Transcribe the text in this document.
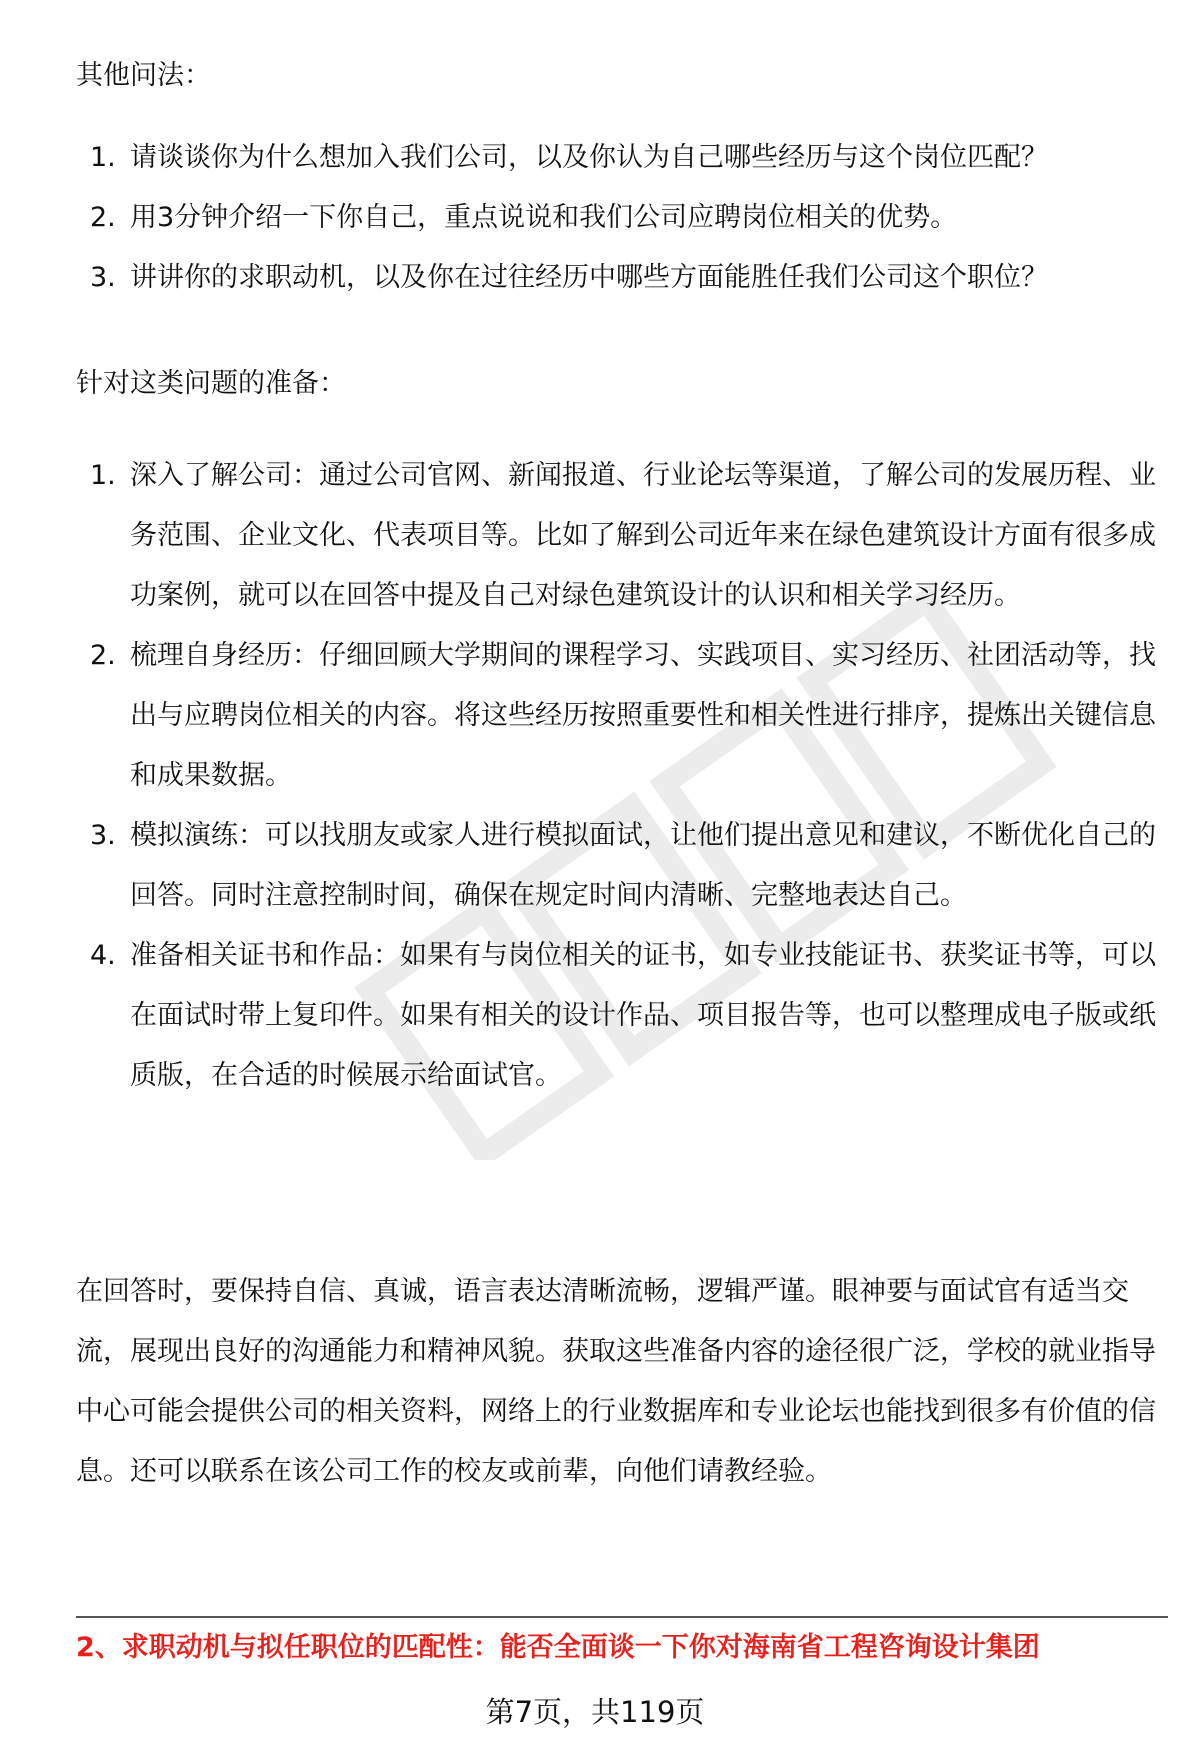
其他问法：

1. 请谈谈你为什么想加入我们公司，以及你认为自己哪些经历与这个岗位匹配？
2. 用3分钟介绍一下你自己，重点说说和我们公司应聘岗位相关的优势。
3. 讲讲你的求职动机，以及你在过往经历中哪些方面能胜任我们公司这个职位？

针对这类问题的准备：

1. 深入了解公司：通过公司官网、新闻报道、行业论坛等渠道，了解公司的发展历程、业务范围、企业文化、代表项目等。比如了解到公司近年来在绿色建筑设计方面有很多成功案例，就可以在回答中提及自己对绿色建筑设计的认识和相关学习经历。
2. 梳理自身经历：仔细回顾大学期间的课程学习、实践项目、实习经历、社团活动等，找出与应聘岗位相关的内容。将这些经历按照重要性和相关性进行排序，提炼出关键信息和成果数据。
3. 模拟演练：可以找朋友或家人进行模拟面试，让他们提出意见和建议，不断优化自己的回答。同时注意控制时间，确保在规定时间内清晰、完整地表达自己。
4. 准备相关证书和作品：如果有与岗位相关的证书，如专业技能证书、获奖证书等，可以在面试时带上复印件。如果有相关的设计作品、项目报告等，也可以整理成电子版或纸质版，在合适的时候展示给面试官。

在回答时，要保持自信、真诚，语言表达清晰流畅，逻辑严谨。眼神要与面试官有适当交流，展现出良好的沟通能力和精神风貌。获取这些准备内容的途径很广泛，学校的就业指导中心可能会提供公司的相关资料，网络上的行业数据库和专业论坛也能找到很多有价值的信息。还可以联系在该公司工作的校友或前辈，向他们请教经验。

2、求职动机与拟任职位的匹配性：能否全面谈一下你对海南省工程咨询设计集团

第7页，共119页
